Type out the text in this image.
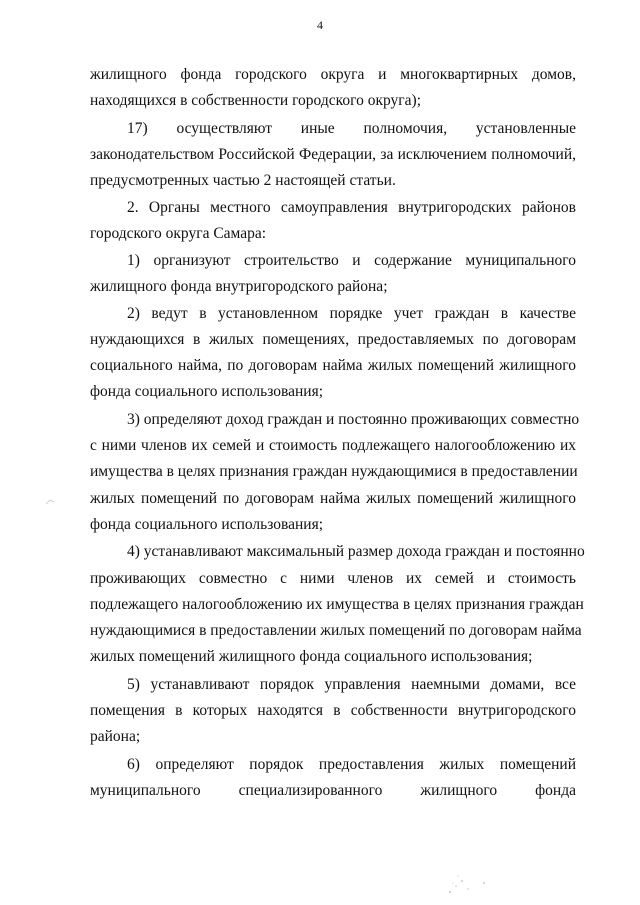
4
жилищного фонда городского округа и многоквартирных домов,
находящихся в собственности городского округа);
17) осуществляют иные полномочия, установленные
законодательством Российской Федерации, за исключением полномочий,
предусмотренных частью 2 настоящей статьи.
2. Органы местного самоуправления внутригородских районов
городского округа Самара:
1) организуют строительство и содержание муниципального
жилищного фонда внутригородского района;
2) ведут в установленном порядке учет граждан в качестве
нуждающихся в жилых помещениях, предоставляемых по договорам
социального найма, по договорам найма жилых помещений жилищного
фонда социального использования;
3) определяют доход граждан и постоянно проживающих совместно
с ними членов их семей и стоимость подлежащего налогообложению их
имущества в целях признания граждан нуждающимися в предоставлении
жилых помещений по договорам найма жилых помещений жилищного
фонда социального использования;
4) устанавливают максимальный размер дохода граждан и постоянно
проживающих совместно с ними членов их семей и стоимость
подлежащего налогообложению их имущества в целях признания граждан
нуждающимися в предоставлении жилых помещений по договорам найма
жилых помещений жилищного фонда социального использования;
5) устанавливают порядок управления наемными домами, все
помещения в которых находятся в собственности внутригородского
района;
6) определяют порядок предоставления жилых помещений
муниципального специализированного жилищного фонда
